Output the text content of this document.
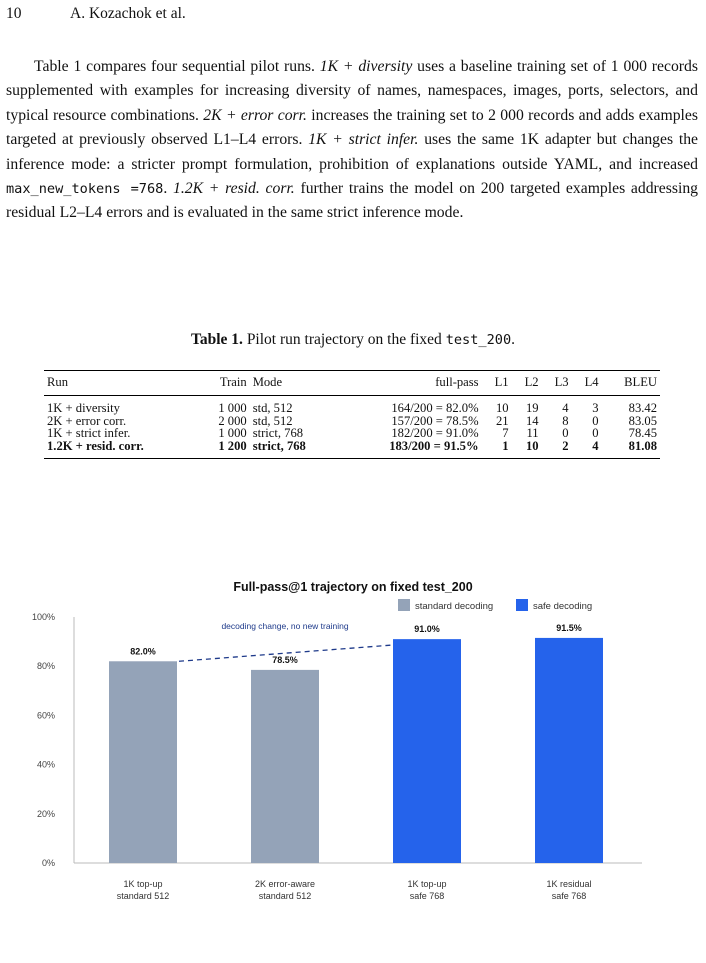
10	A. Kozachok et al.

Table 1 compares four sequential pilot runs. 1K + diversity uses a baseline training set of 1 000 records supplemented with examples for increasing diversity of names, namespaces, images, ports, selectors, and typical resource combinations. 2K + error corr. increases the training set to 2 000 records and adds examples targeted at previously observed L1–L4 errors. 1K + strict infer. uses the same 1K adapter but changes the inference mode: a stricter prompt formulation, prohibition of explanations outside YAML, and increased max_new_tokens =768. 1.2K + resid. corr. further trains the model on 200 targeted examples addressing residual L2–L4 errors and is evaluated in the same strict inference mode.

Table 1. Pilot run trajectory on the fixed test_200.
Run	Train	Mode	full-pass	L1	L2	L3	L4	BLEU
1K + diversity	1 000	std, 512	164/200 = 82.0%	10	19	4	3	83.42
2K + error corr.	2 000	std, 512	157/200 = 78.5%	21	14	8	0	83.05
1K + strict infer.	1 000	strict, 768	182/200 = 91.0%	7	11	0	0	78.45
1.2K + resid. corr.	1 200	strict, 768	183/200 = 91.5%	1	10	2	4	81.08
Full-pass@1 trajectory on fixed test_200
standard decoding	safe decoding
0%
20%
40%
60%
80%
100%
82.0%
1K top-up
standard 512
78.5%
2K error-aware
standard 512
91.0%
1K top-up
safe 768
91.5%
1K residual
safe 768
decoding change, no new training
